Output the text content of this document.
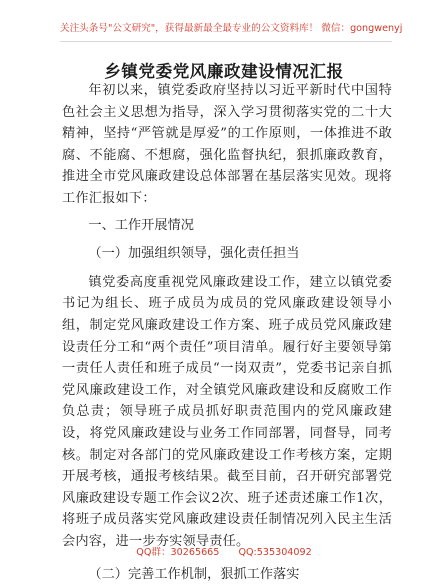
关注头条号"公文研究"，获得最新最全最专业的公文资料库！ 微信：gongwenyj
乡镇党委党风廉政建设情况汇报

年初以来，镇党委政府坚持以习近平新时代中国特色社会主义思想为指导，深入学习贯彻落实党的二十大精神，坚持“严管就是厚爱”的工作原则，一体推进不敢腐、不能腐、不想腐，强化监督执纪，狠抓廉政教育，推进全市党风廉政建设总体部署在基层落实见效。现将工作汇报如下：

一、工作开展情况

（一）加强组织领导，强化责任担当

镇党委高度重视党风廉政建设工作，建立以镇党委书记为组长、班子成员为成员的党风廉政建设领导小组，制定党风廉政建设工作方案、班子成员党风廉政建设责任分工和“两个责任”项目清单。履行好主要领导第一责任人责任和班子成员“一岗双责”，党委书记亲自抓党风廉政建设工作，对全镇党风廉政建设和反腐败工作负总责；领导班子成员抓好职责范围内的党风廉政建设，将党风廉政建设与业务工作同部署，同督导，同考核。制定对各部门的党风廉政建设工作考核方案，定期开展考核，通报考核结果。截至目前，召开研究部署党风廉政建设专题工作会议2次、班子述责述廉工作1次，将班子成员落实党风廉政建设责任制情况列入民主生活会内容，进一步夯实领导责任。

（二）完善工作机制，狠抓工作落实

QQ群：30265665 QQ:535304092
